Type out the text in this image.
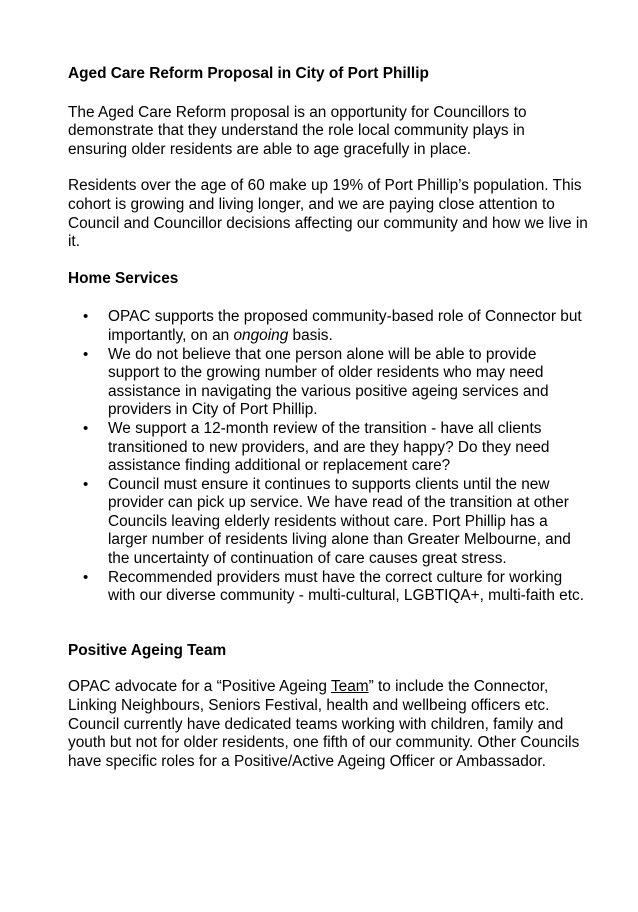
Aged Care Reform Proposal in City of Port Phillip

The Aged Care Reform proposal is an opportunity for Councillors to demonstrate that they understand the role local community plays in ensuring older residents are able to age gracefully in place.

Residents over the age of 60 make up 19% of Port Phillip’s population. This cohort is growing and living longer, and we are paying close attention to Council and Councillor decisions affecting our community and how we live in it.

Home Services
• OPAC supports the proposed community-based role of Connector but importantly, on an ongoing basis.
• We do not believe that one person alone will be able to provide support to the growing number of older residents who may need assistance in navigating the various positive ageing services and providers in City of Port Phillip.
• We support a 12-month review of the transition - have all clients transitioned to new providers, and are they happy? Do they need assistance finding additional or replacement care?
• Council must ensure it continues to supports clients until the new provider can pick up service. We have read of the transition at other Councils leaving elderly residents without care. Port Phillip has a larger number of residents living alone than Greater Melbourne, and the uncertainty of continuation of care causes great stress.
• Recommended providers must have the correct culture for working with our diverse community - multi-cultural, LGBTIQA+, multi-faith etc.
Positive Ageing Team

OPAC advocate for a “Positive Ageing Team” to include the Connector, Linking Neighbours, Seniors Festival, health and wellbeing officers etc. Council currently have dedicated teams working with children, family and youth but not for older residents, one fifth of our community. Other Councils have specific roles for a Positive/Active Ageing Officer or Ambassador.
